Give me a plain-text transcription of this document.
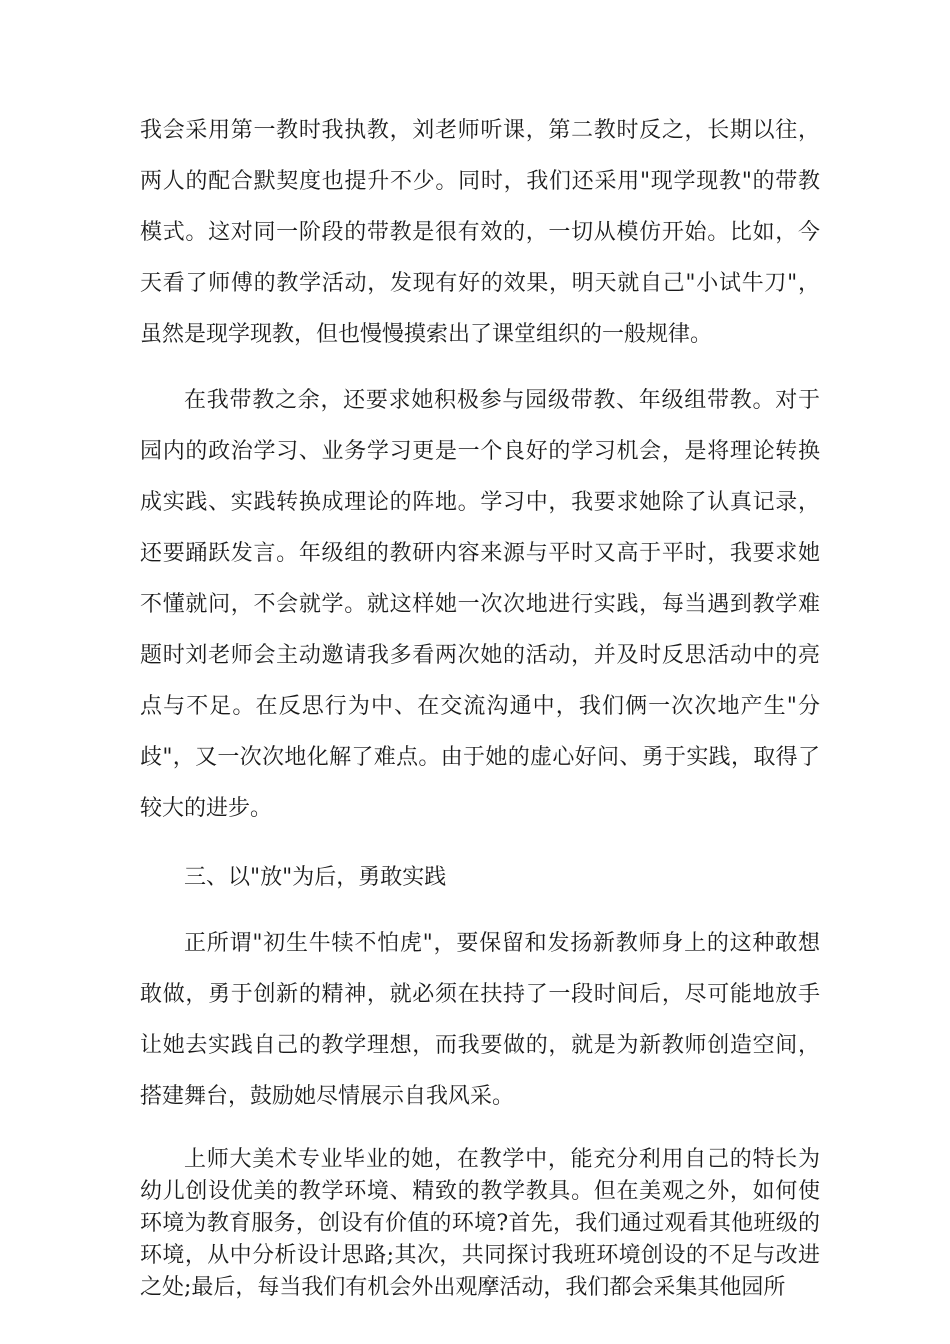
我会采用第一教时我执教，刘老师听课，第二教时反之，长期以往，两人的配合默契度也提升不少。同时，我们还采用"现学现教"的带教模式。这对同一阶段的带教是很有效的，一切从模仿开始。比如，今天看了师傅的教学活动，发现有好的效果，明天就自己"小试牛刀"，虽然是现学现教，但也慢慢摸索出了课堂组织的一般规律。

在我带教之余，还要求她积极参与园级带教、年级组带教。对于园内的政治学习、业务学习更是一个良好的学习机会，是将理论转换成实践、实践转换成理论的阵地。学习中，我要求她除了认真记录，还要踊跃发言。年级组的教研内容来源与平时又高于平时，我要求她不懂就问，不会就学。就这样她一次次地进行实践，每当遇到教学难题时刘老师会主动邀请我多看两次她的活动，并及时反思活动中的亮点与不足。在反思行为中、在交流沟通中，我们俩一次次地产生"分歧"，又一次次地化解了难点。由于她的虚心好问、勇于实践，取得了较大的进步。

三、以"放"为后，勇敢实践

正所谓"初生牛犊不怕虎"，要保留和发扬新教师身上的这种敢想敢做，勇于创新的精神，就必须在扶持了一段时间后，尽可能地放手让她去实践自己的教学理想，而我要做的，就是为新教师创造空间，搭建舞台，鼓励她尽情展示自我风采。

上师大美术专业毕业的她，在教学中，能充分利用自己的特长为幼儿创设优美的教学环境、精致的教学教具。但在美观之外，如何使环境为教育服务，创设有价值的环境?首先，我们通过观看其他班级的环境，从中分析设计思路;其次，共同探讨我班环境创设的不足与改进之处;最后，每当我们有机会外出观摩活动，我们都会采集其他园所
